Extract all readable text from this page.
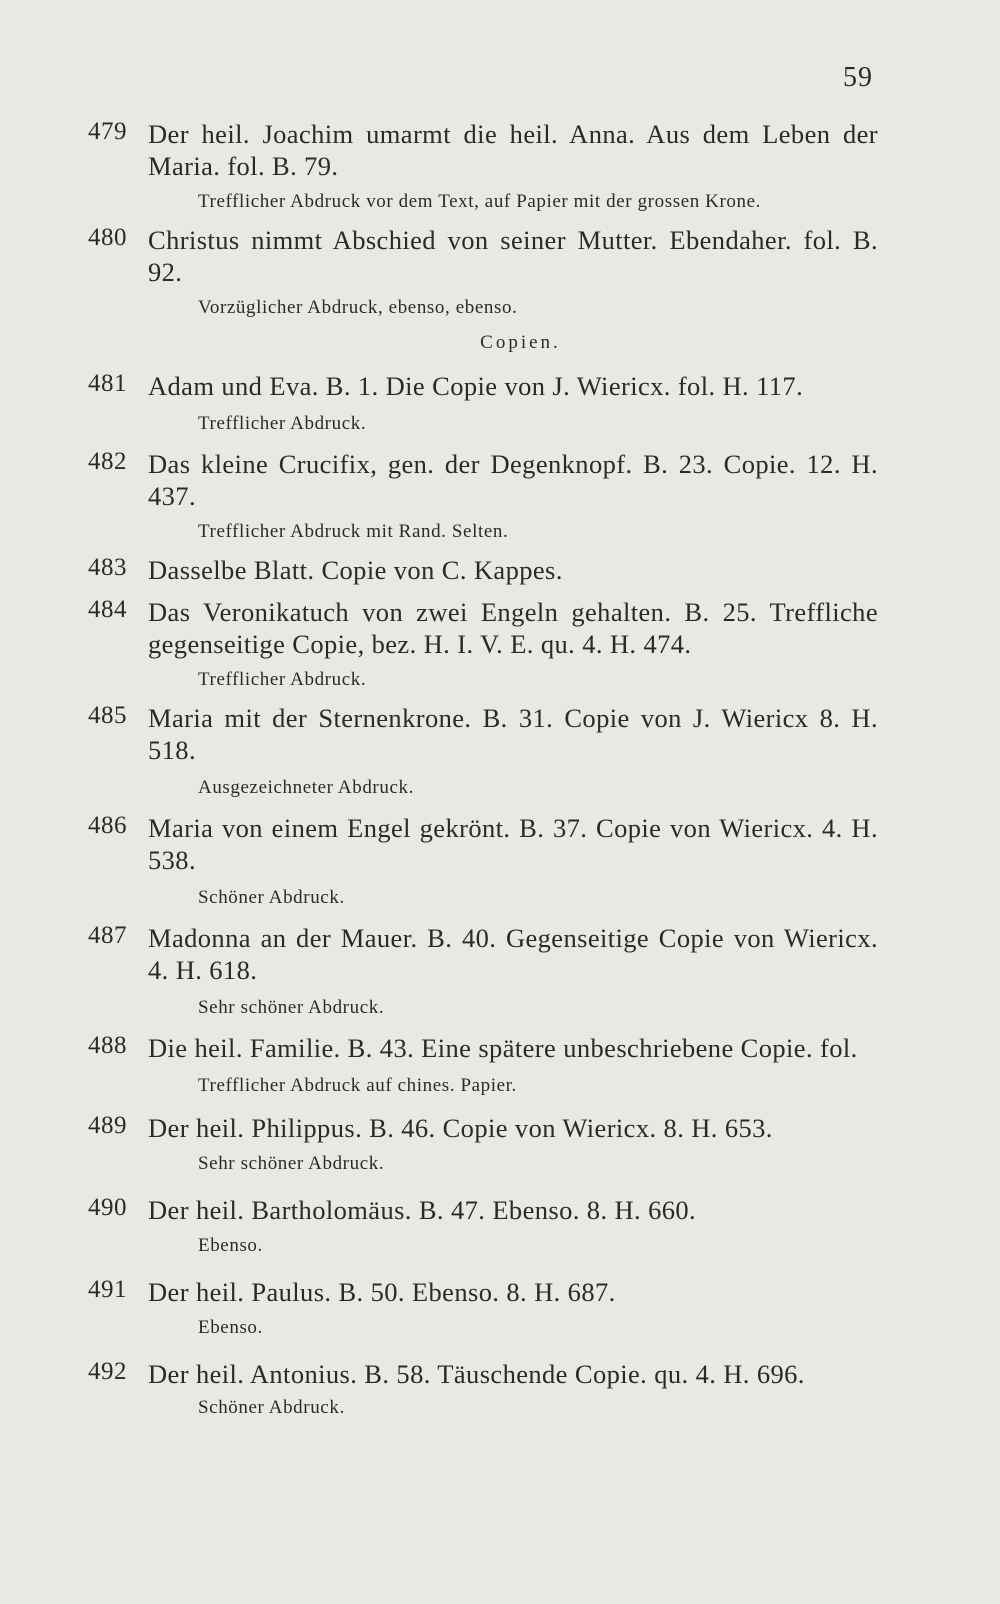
59
479 Der heil. Joachim umarmt die heil. Anna. Aus dem Leben der Maria. fol. B. 79.

Trefflicher Abdruck vor dem Text, auf Papier mit der grossen Krone.

480 Christus nimmt Abschied von seiner Mutter. Ebendaher. fol. B. 92.

Vorzüglicher Abdruck, ebenso, ebenso.

Copien.

481 Adam und Eva. B. 1. Die Copie von J. Wiericx. fol. H. 117.

Trefflicher Abdruck.

482 Das kleine Crucifix, gen. der Degenknopf. B. 23. Copie. 12. H. 437.

Trefflicher Abdruck mit Rand. Selten.

483 Dasselbe Blatt. Copie von C. Kappes.

484 Das Veronikatuch von zwei Engeln gehalten. B. 25. Treffliche gegenseitige Copie, bez. H. I. V. E. qu. 4. H. 474.

Trefflicher Abdruck.

485 Maria mit der Sternenkrone. B. 31. Copie von J. Wiericx 8. H. 518.

Ausgezeichneter Abdruck.

486 Maria von einem Engel gekrönt. B. 37. Copie von Wiericx. 4. H. 538.

Schöner Abdruck.

487 Madonna an der Mauer. B. 40. Gegenseitige Copie von Wiericx. 4. H. 618.

Sehr schöner Abdruck.

488 Die heil. Familie. B. 43. Eine spätere unbeschriebene Copie. fol.

Trefflicher Abdruck auf chines. Papier.

489 Der heil. Philippus. B. 46. Copie von Wiericx. 8. H. 653.

Sehr schöner Abdruck.

490 Der heil. Bartholomäus. B. 47. Ebenso. 8. H. 660.

Ebenso.

491 Der heil. Paulus. B. 50. Ebenso. 8. H. 687.

Ebenso.

492 Der heil. Antonius. B. 58. Täuschende Copie. qu. 4. H. 696.

Schöner Abdruck.
